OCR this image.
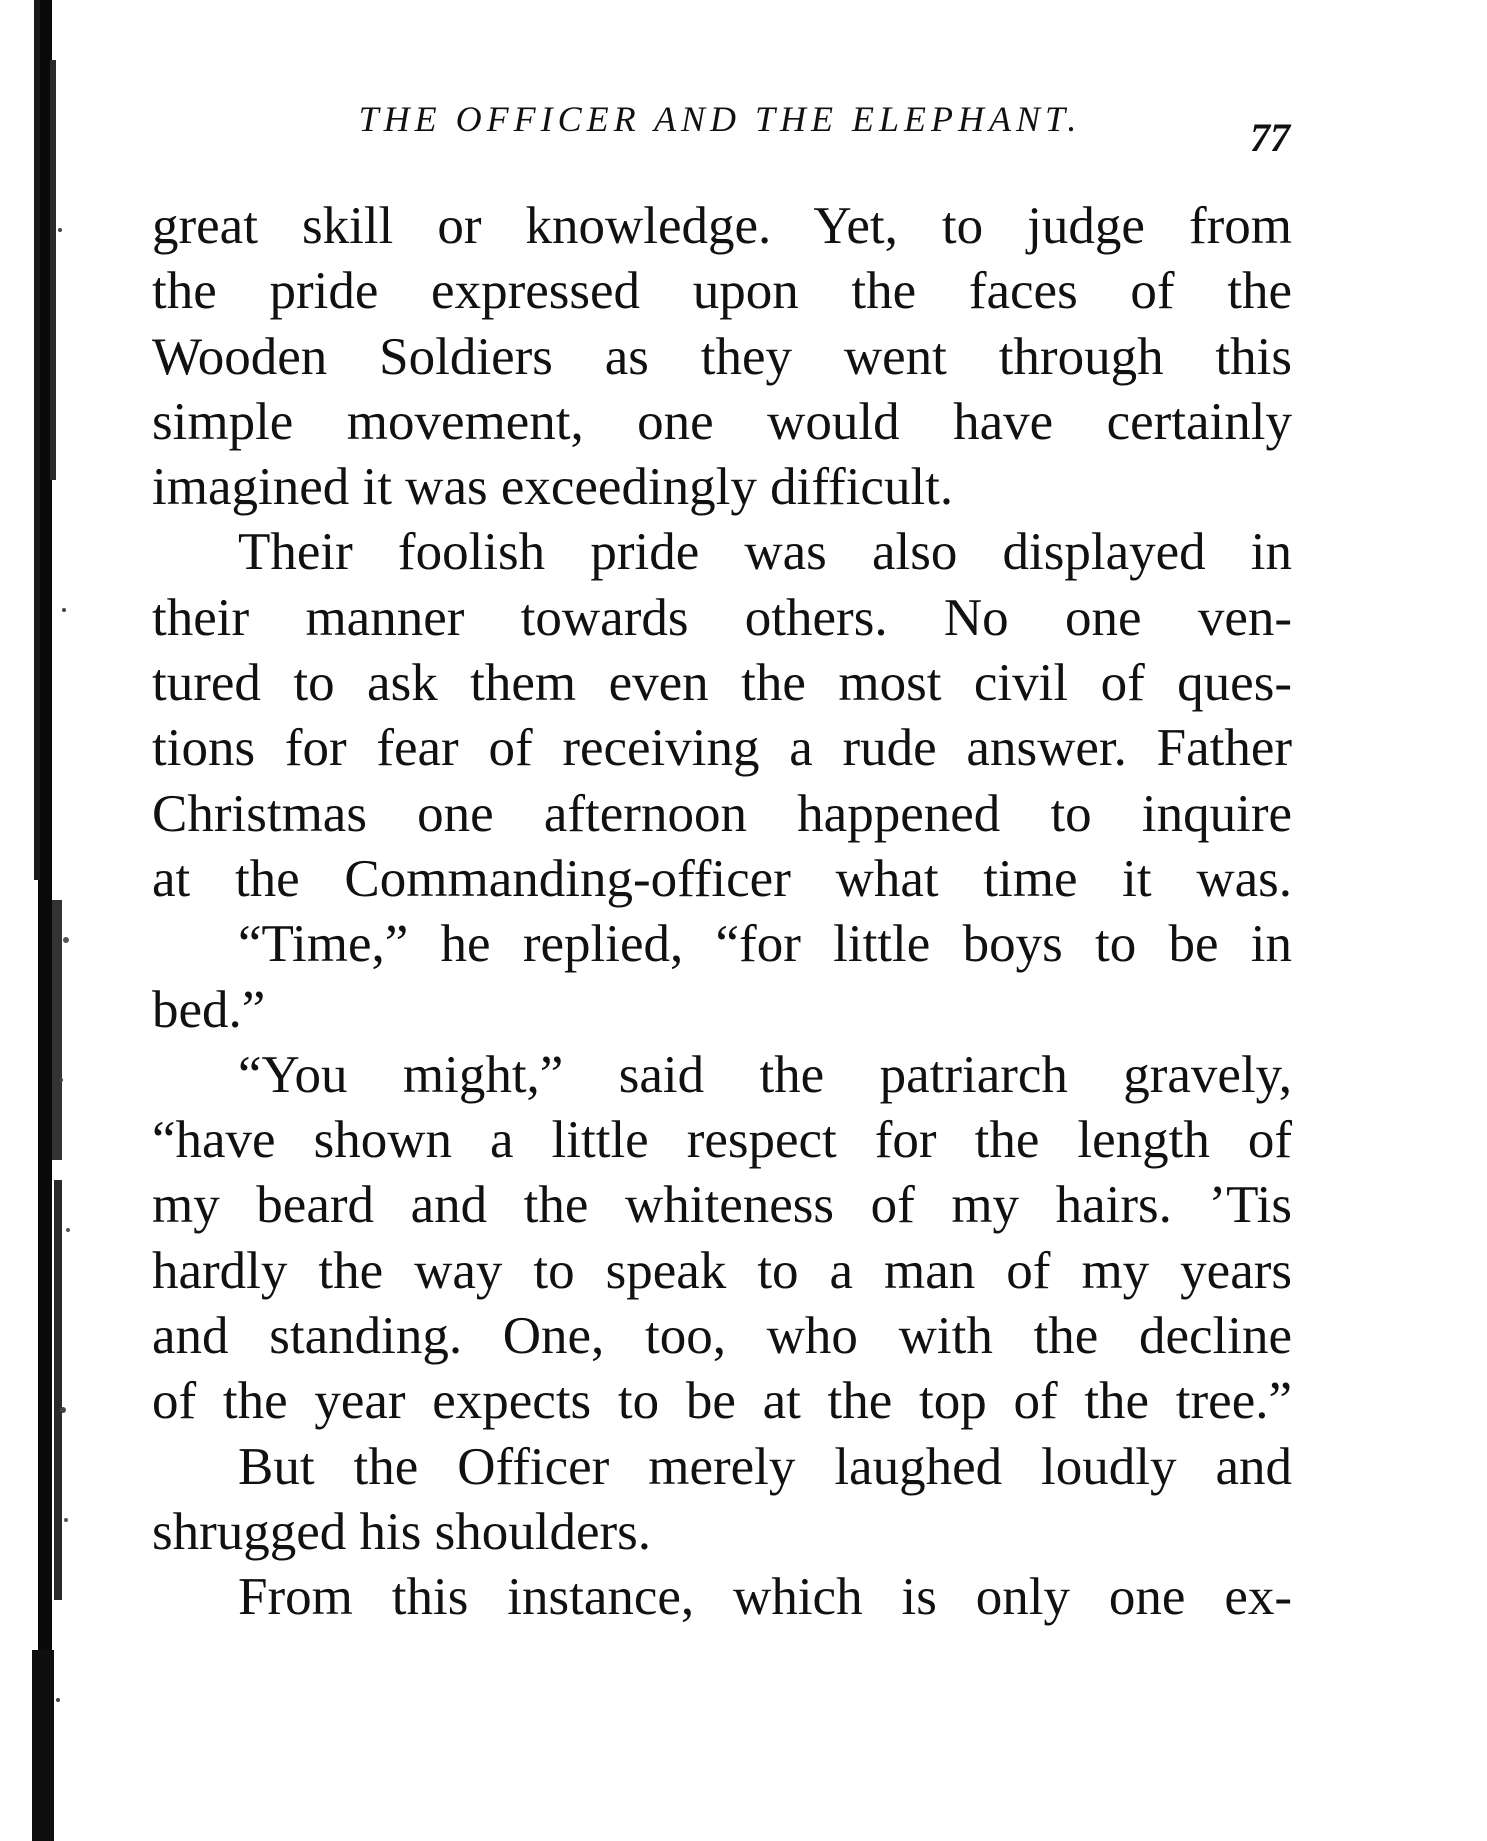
THE OFFICER AND THE ELEPHANT.	77
great skill or knowledge. Yet, to judge from
the pride expressed upon the faces of the
Wooden Soldiers as they went through this
simple movement, one would have certainly
imagined it was exceedingly difficult.
Their foolish pride was also displayed in
their manner towards others. No one ven-
tured to ask them even the most civil of ques-
tions for fear of receiving a rude answer. Father
Christmas one afternoon happened to inquire
at the Commanding-officer what time it was.
“Time,” he replied, “for little boys to be in
bed.”
“You might,” said the patriarch gravely,
“have shown a little respect for the length of
my beard and the whiteness of my hairs. ’Tis
hardly the way to speak to a man of my years
and standing. One, too, who with the decline
of the year expects to be at the top of the tree.”
But the Officer merely laughed loudly and
shrugged his shoulders.
From this instance, which is only one ex-
